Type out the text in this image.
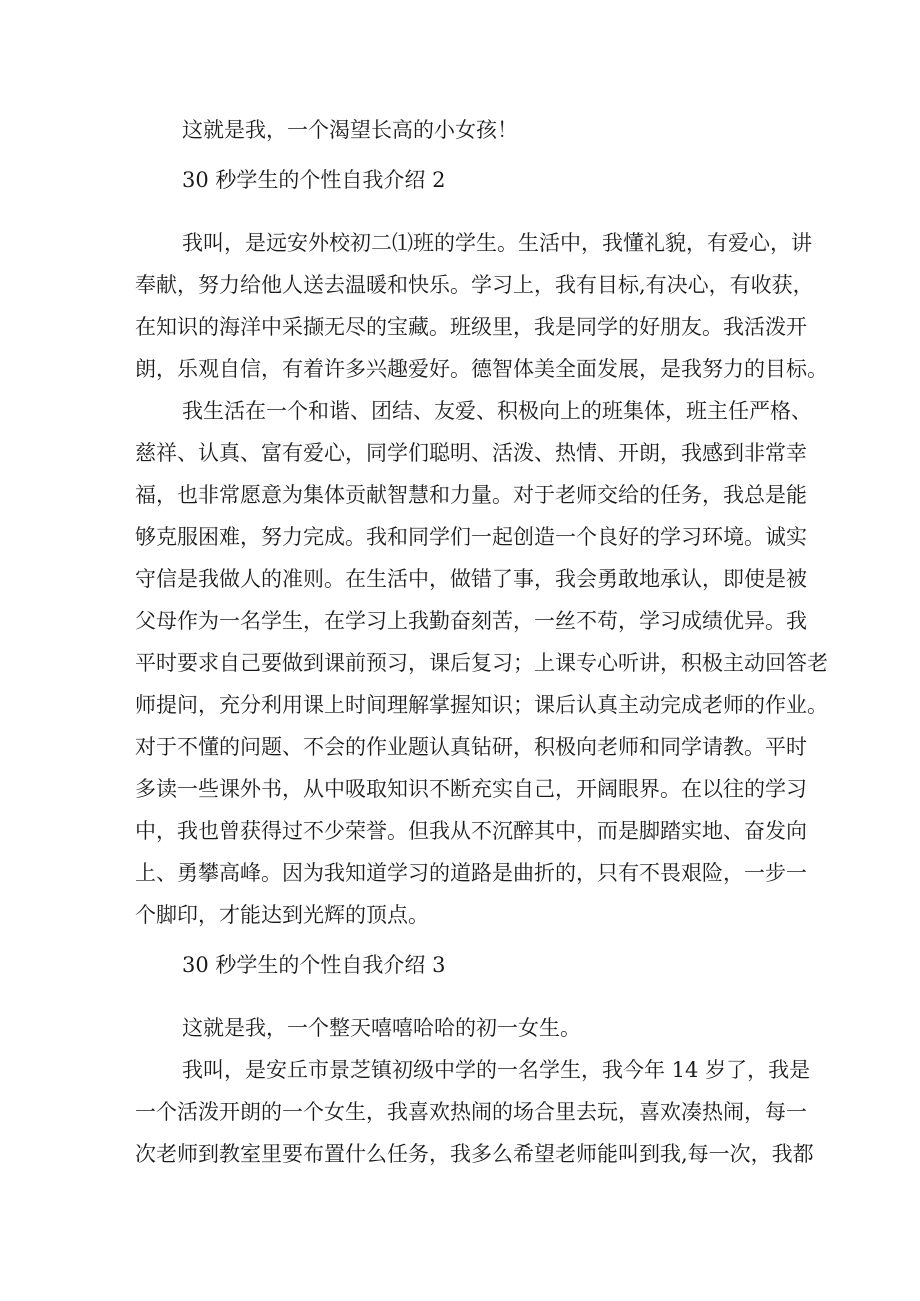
这就是我，一个渴望长高的小女孩！
30 秒学生的个性自我介绍 2
我叫，是远安外校初二⑴班的学生。生活中，我懂礼貌，有爱心，讲
奉献，努力给他人送去温暖和快乐。学习上，我有目标,有决心，有收获，
在知识的海洋中采撷无尽的宝藏。班级里，我是同学的好朋友。我活泼开
朗，乐观自信，有着许多兴趣爱好。德智体美全面发展，是我努力的目标。
我生活在一个和谐、团结、友爱、积极向上的班集体，班主任严格、
慈祥、认真、富有爱心，同学们聪明、活泼、热情、开朗，我感到非常幸
福，也非常愿意为集体贡献智慧和力量。对于老师交给的任务，我总是能
够克服困难，努力完成。我和同学们一起创造一个良好的学习环境。诚实
守信是我做人的准则。在生活中，做错了事，我会勇敢地承认，即使是被
父母作为一名学生，在学习上我勤奋刻苦，一丝不苟，学习成绩优异。我
平时要求自己要做到课前预习，课后复习；上课专心听讲，积极主动回答老
师提问，充分利用课上时间理解掌握知识；课后认真主动完成老师的作业。
对于不懂的问题、不会的作业题认真钻研，积极向老师和同学请教。平时
多读一些课外书，从中吸取知识不断充实自己，开阔眼界。在以往的学习
中，我也曾获得过不少荣誉。但我从不沉醉其中，而是脚踏实地、奋发向
上、勇攀高峰。因为我知道学习的道路是曲折的，只有不畏艰险，一步一
个脚印，才能达到光辉的顶点。
30 秒学生的个性自我介绍 3
这就是我，一个整天嘻嘻哈哈的初一女生。
我叫，是安丘市景芝镇初级中学的一名学生，我今年 14 岁了，我是
一个活泼开朗的一个女生，我喜欢热闹的场合里去玩，喜欢凑热闹，每一
次老师到教室里要布置什么任务，我多么希望老师能叫到我,每一次，我都
